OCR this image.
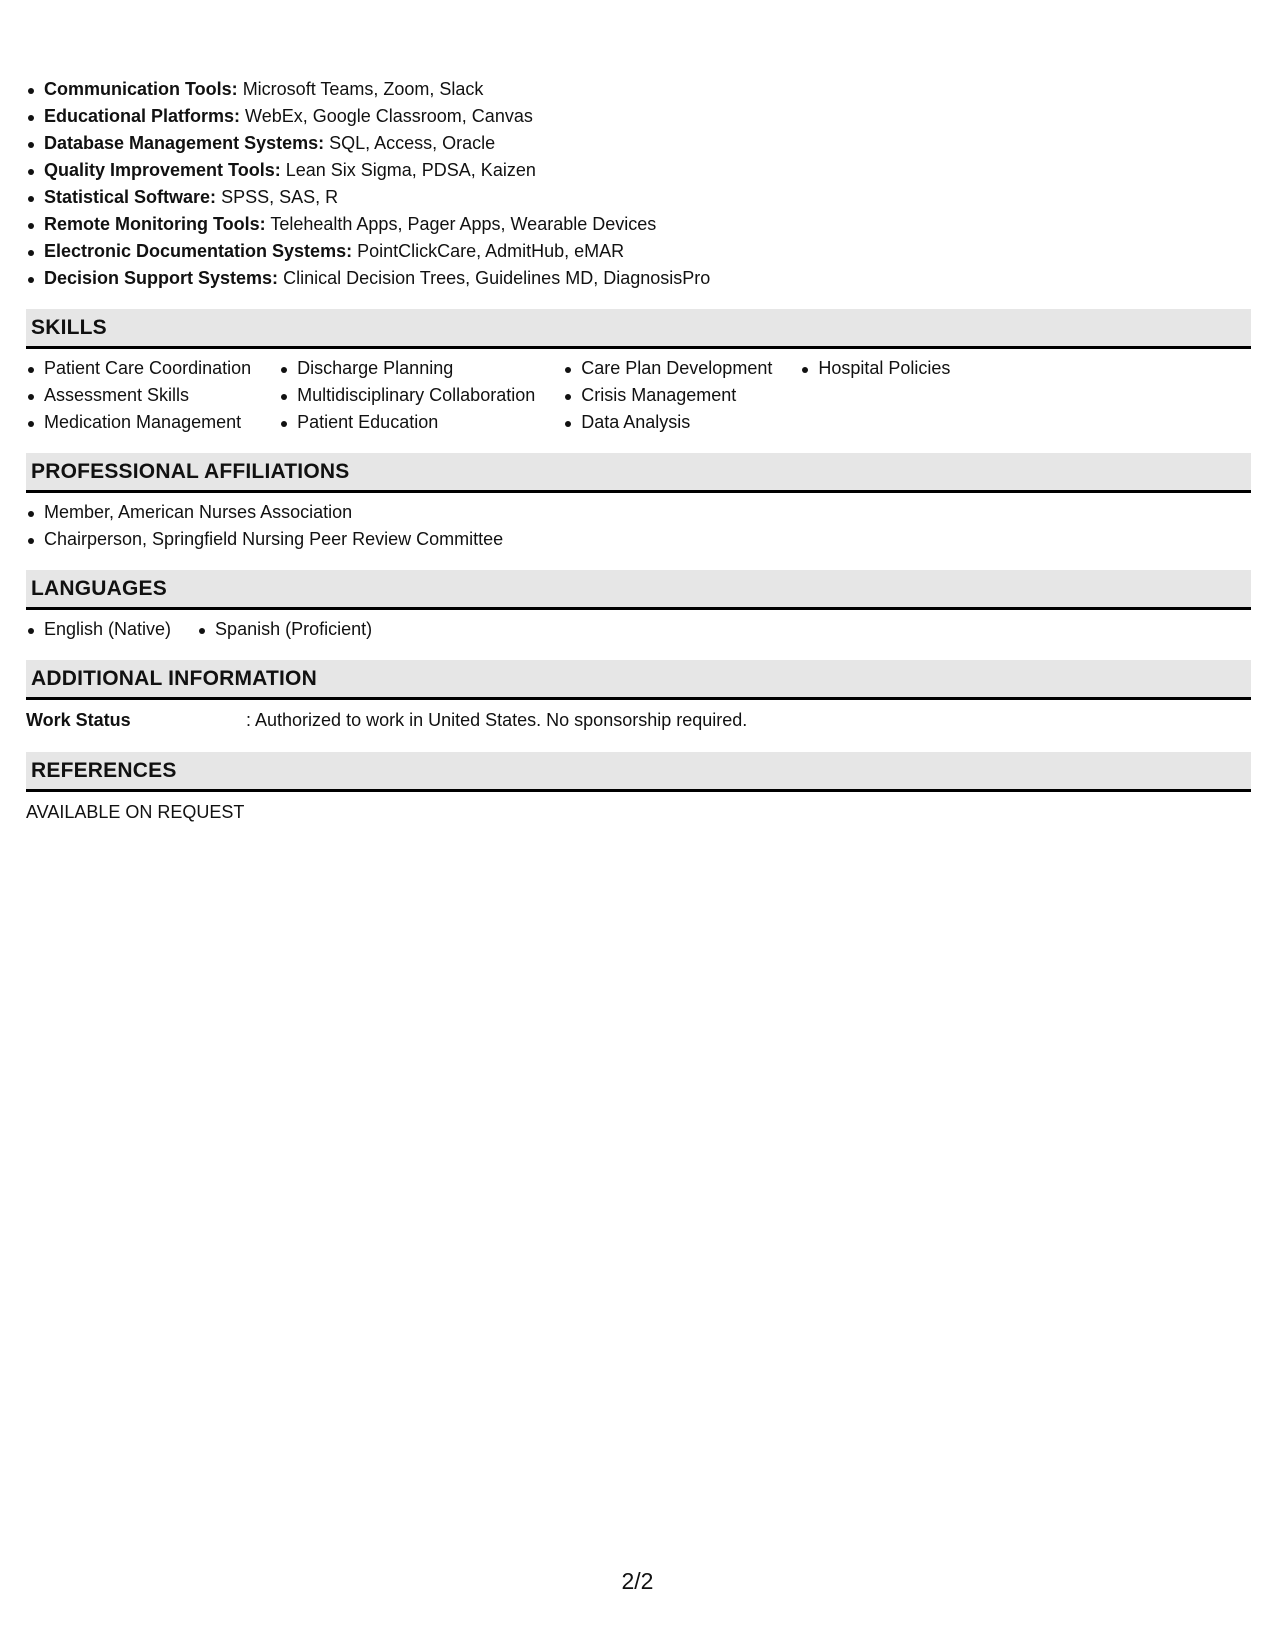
Communication Tools: Microsoft Teams, Zoom, Slack
Educational Platforms: WebEx, Google Classroom, Canvas
Database Management Systems: SQL, Access, Oracle
Quality Improvement Tools: Lean Six Sigma, PDSA, Kaizen
Statistical Software: SPSS, SAS, R
Remote Monitoring Tools: Telehealth Apps, Pager Apps, Wearable Devices
Electronic Documentation Systems: PointClickCare, AdmitHub, eMAR
Decision Support Systems: Clinical Decision Trees, Guidelines MD, DiagnosisPro
SKILLS
Patient Care Coordination
Assessment Skills
Medication Management
Discharge Planning
Multidisciplinary Collaboration
Patient Education
Care Plan Development
Crisis Management
Data Analysis
Hospital Policies
PROFESSIONAL AFFILIATIONS
Member, American Nurses Association
Chairperson, Springfield Nursing Peer Review Committee
LANGUAGES
English (Native)	Spanish (Proficient)
ADDITIONAL INFORMATION
Work Status	: Authorized to work in United States. No sponsorship required.
REFERENCES
AVAILABLE ON REQUEST
2/2
